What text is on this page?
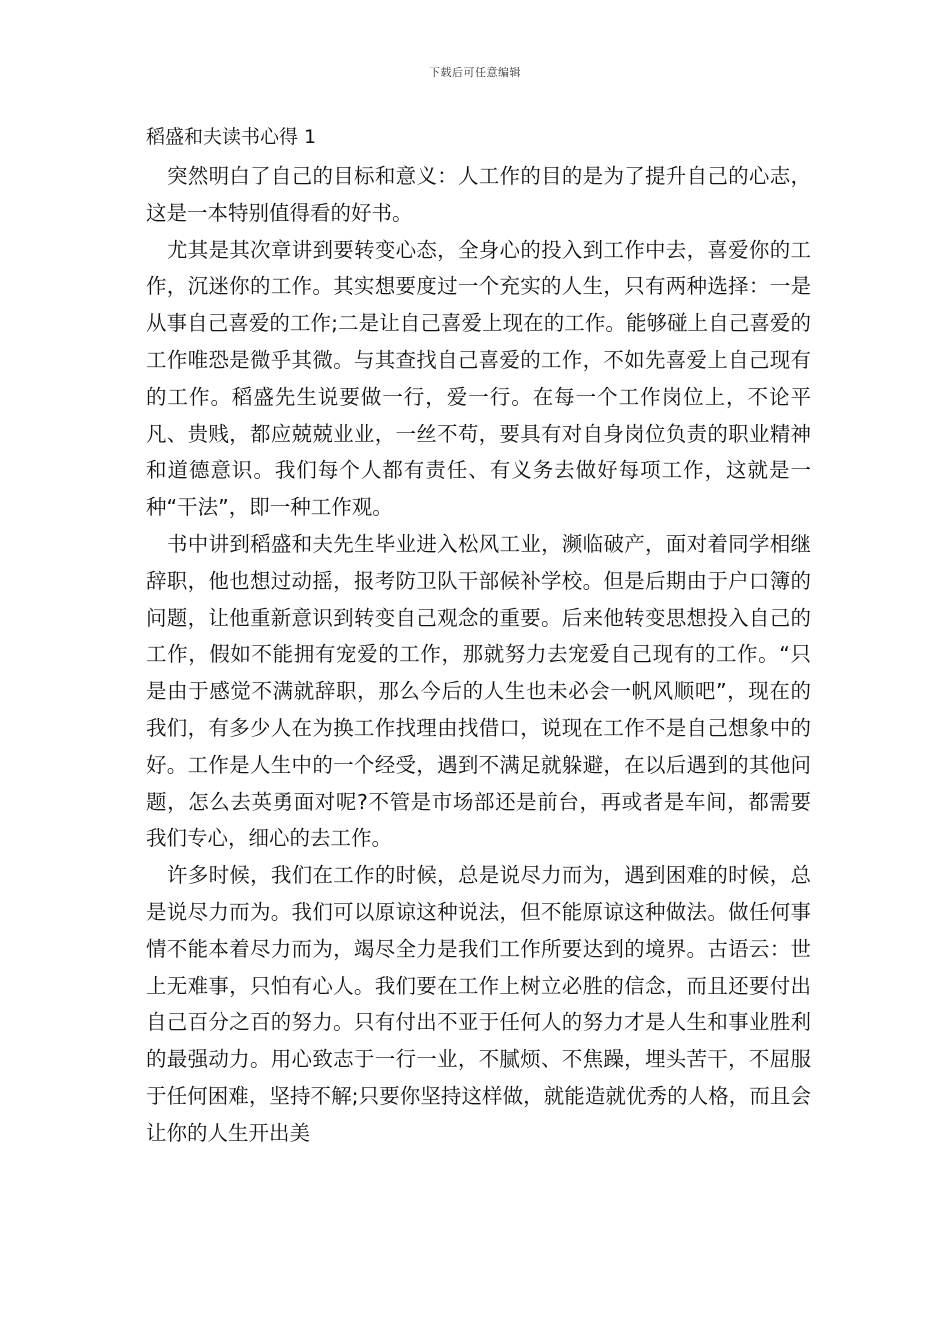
下载后可任意编辑
稻盛和夫读书心得 1

突然明白了自己的目标和意义：人工作的目的是为了提升自己的心志，这是一本特别值得看的好书。

尤其是其次章讲到要转变心态，全身心的投入到工作中去，喜爱你的工作，沉迷你的工作。其实想要度过一个充实的人生，只有两种选择：一是从事自己喜爱的工作;二是让自己喜爱上现在的工作。能够碰上自己喜爱的工作唯恐是微乎其微。与其查找自己喜爱的工作，不如先喜爱上自己现有的工作。稻盛先生说要做一行，爱一行。在每一个工作岗位上，不论平凡、贵贱，都应兢兢业业，一丝不苟，要具有对自身岗位负责的职业精神和道德意识。我们每个人都有责任、有义务去做好每项工作，这就是一种“干法”，即一种工作观。

书中讲到稻盛和夫先生毕业进入松风工业，濒临破产，面对着同学相继辞职，他也想过动摇，报考防卫队干部候补学校。但是后期由于户口簿的问题，让他重新意识到转变自己观念的重要。后来他转变思想投入自己的工作，假如不能拥有宠爱的工作，那就努力去宠爱自己现有的工作。“只是由于感觉不满就辞职，那么今后的人生也未必会一帆风顺吧”，现在的我们，有多少人在为换工作找理由找借口，说现在工作不是自己想象中的好。工作是人生中的一个经受，遇到不满足就躲避，在以后遇到的其他问题，怎么去英勇面对呢?不管是市场部还是前台，再或者是车间，都需要我们专心，细心的去工作。

许多时候，我们在工作的时候，总是说尽力而为，遇到困难的时候，总是说尽力而为。我们可以原谅这种说法，但不能原谅这种做法。做任何事情不能本着尽力而为，竭尽全力是我们工作所要达到的境界。古语云：世上无难事，只怕有心人。我们要在工作上树立必胜的信念，而且还要付出自己百分之百的努力。只有付出不亚于任何人的努力才是人生和事业胜利的最强动力。用心致志于一行一业，不腻烦、不焦躁，埋头苦干，不屈服于任何困难，坚持不解;只要你坚持这样做，就能造就优秀的人格，而且会让你的人生开出美
